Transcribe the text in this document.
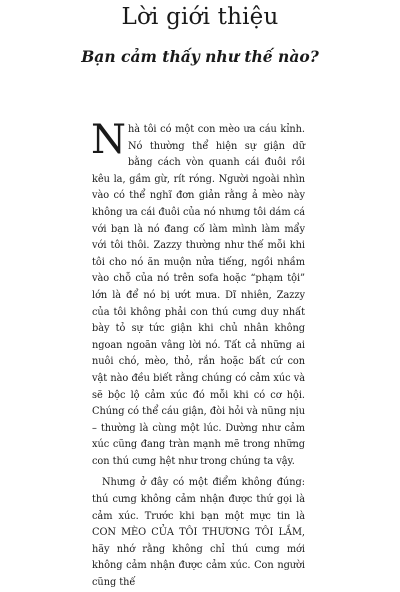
Lời giới thiệu
Bạn cảm thấy như thế nào?

Nhà tôi có một con mèo ưa cáu kỉnh. Nó thường thể hiện sự giận dữ bằng cách vòn quanh cái đuôi rồi kêu la, gầm gừ, rít róng. Người ngoài nhìn vào có thể nghĩ đơn giản rằng ả mèo này không ưa cái đuôi của nó nhưng tôi dám cá với bạn là nó đang cố làm mình làm mẩy với tôi thôi. Zazzy thường như thế mỗi khi tôi cho nó ăn muộn nửa tiếng, ngồi nhầm vào chỗ của nó trên sofa hoặc “phạm tội” lớn là để nó bị ướt mưa. Dĩ nhiên, Zazzy của tôi không phải con thú cưng duy nhất bày tỏ sự tức giận khi chủ nhân không ngoan ngoãn vâng lời nó. Tất cả những ai nuôi chó, mèo, thỏ, rắn hoặc bất cứ con vật nào đều biết rằng chúng có cảm xúc và sẽ bộc lộ cảm xúc đó mỗi khi có cơ hội. Chúng có thể cáu giận, đòi hỏi và nũng nịu – thường là cùng một lúc. Dường như cảm xúc cũng đang tràn mạnh mẽ trong những con thú cưng hệt như trong chúng ta vậy.

Nhưng ở đây có một điểm không đúng: thú cưng không cảm nhận được thứ gọi là cảm xúc. Trước khi bạn một mực tin là CON MÈO CỦA TÔI THƯƠNG TÔI LẮM, hãy nhớ rằng không chỉ thú cưng mới không cảm nhận được cảm xúc. Con người cũng thế
